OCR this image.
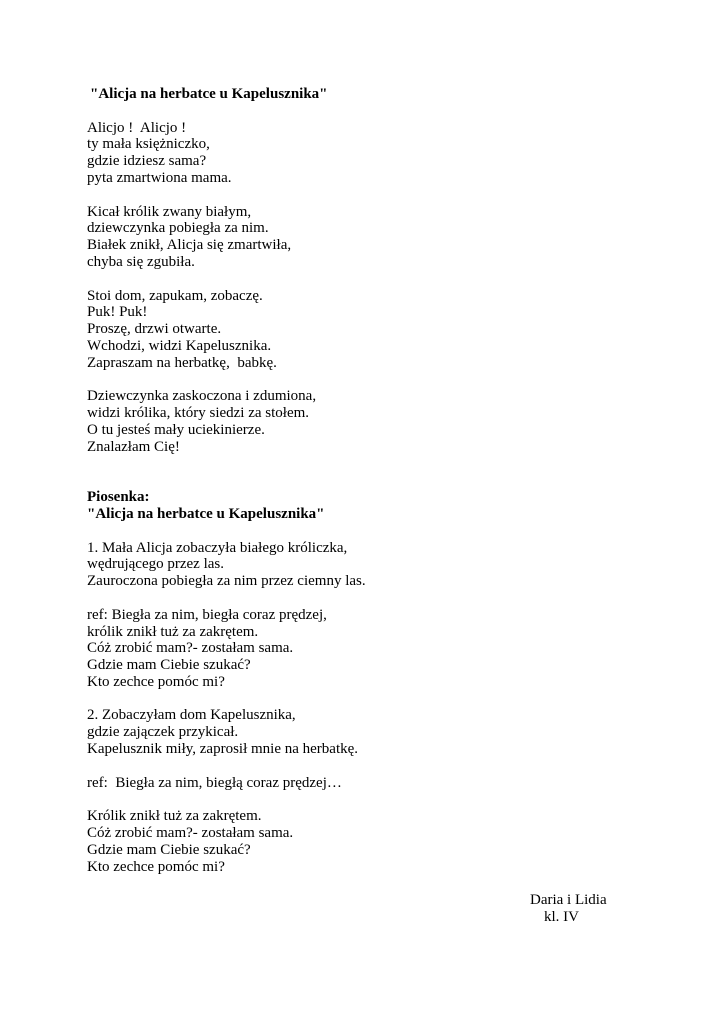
"Alicja na herbatce u Kapelusznika"
Alicjo !  Alicjo !
ty mała księżniczko,
gdzie idziesz sama?
pyta zmartwiona mama.
Kicał królik zwany białym,
dziewczynka pobiegła za nim.
Białek znikł, Alicja się zmartwiła,
chyba się zgubiła.
Stoi dom, zapukam, zobaczę.
Puk! Puk!
Proszę, drzwi otwarte.
Wchodzi, widzi Kapelusznika.
Zapraszam na herbatkę,  babkę.
Dziewczynka zaskoczona i zdumiona,
widzi królika, który siedzi za stołem.
O tu jesteś mały uciekinierze.
Znalazłam Cię!
Piosenka:
"Alicja na herbatce u Kapelusznika"
1. Mała Alicja zobaczyła białego króliczka,
wędrującego przez las.
Zauroczona pobiegła za nim przez ciemny las.
ref: Biegła za nim, biegła coraz prędzej,
królik znikł tuż za zakrętem.
Cóż zrobić mam?- zostałam sama.
Gdzie mam Ciebie szukać?
Kto zechce pomóc mi?
2. Zobaczyłam dom Kapelusznika,
gdzie zajączek przykicał.
Kapelusznik miły, zaprosił mnie na herbatkę.
ref:  Biegła za nim, biegłą coraz prędzej…
Królik znikł tuż za zakrętem.
Cóż zrobić mam?- zostałam sama.
Gdzie mam Ciebie szukać?
Kto zechce pomóc mi?
Daria i Lidia
kl. IV
